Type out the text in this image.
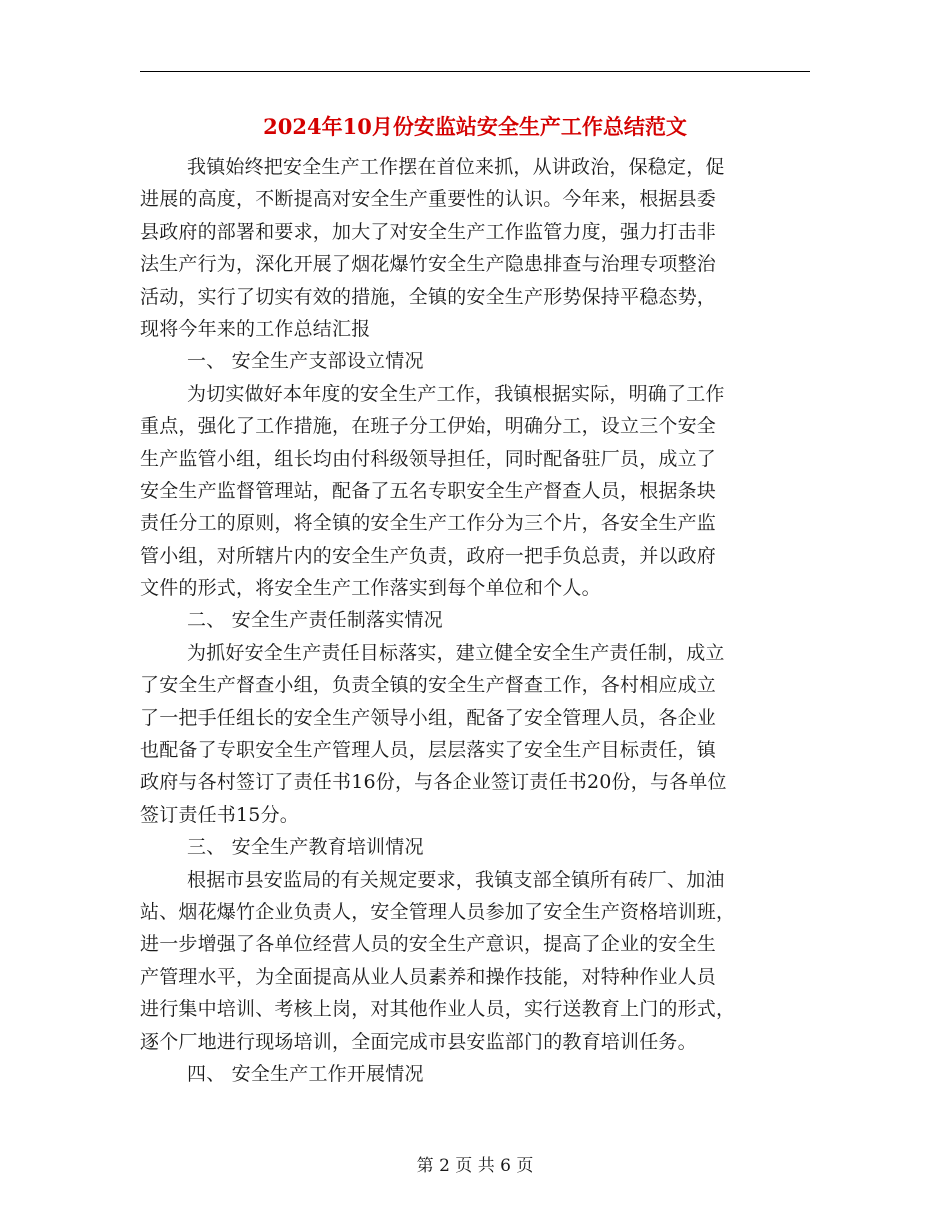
2024年10月份安监站安全生产工作总结范文
我镇始终把安全生产工作摆在首位来抓，从讲政治，保稳定，促
进展的高度，不断提高对安全生产重要性的认识。今年来，根据县委
县政府的部署和要求，加大了对安全生产工作监管力度，强力打击非
法生产行为，深化开展了烟花爆竹安全生产隐患排查与治理专项整治
活动，实行了切实有效的措施，全镇的安全生产形势保持平稳态势，
现将今年来的工作总结汇报
一、 安全生产支部设立情况
为切实做好本年度的安全生产工作，我镇根据实际，明确了工作
重点，强化了工作措施，在班子分工伊始，明确分工，设立三个安全
生产监管小组，组长均由付科级领导担任，同时配备驻厂员，成立了
安全生产监督管理站，配备了五名专职安全生产督查人员，根据条块
责任分工的原则，将全镇的安全生产工作分为三个片，各安全生产监
管小组，对所辖片内的安全生产负责，政府一把手负总责，并以政府
文件的形式，将安全生产工作落实到每个单位和个人。
二、 安全生产责任制落实情况
为抓好安全生产责任目标落实，建立健全安全生产责任制，成立
了安全生产督查小组，负责全镇的安全生产督查工作，各村相应成立
了一把手任组长的安全生产领导小组，配备了安全管理人员，各企业
也配备了专职安全生产管理人员，层层落实了安全生产目标责任，镇
政府与各村签订了责任书16份，与各企业签订责任书20份，与各单位
签订责任书15分。
三、 安全生产教育培训情况
根据市县安监局的有关规定要求，我镇支部全镇所有砖厂、加油
站、烟花爆竹企业负责人，安全管理人员参加了安全生产资格培训班，
进一步增强了各单位经营人员的安全生产意识，提高了企业的安全生
产管理水平，为全面提高从业人员素养和操作技能，对特种作业人员
进行集中培训、考核上岗，对其他作业人员，实行送教育上门的形式，
逐个厂地进行现场培训，全面完成市县安监部门的教育培训任务。
四、 安全生产工作开展情况
第 2 页 共 6 页
